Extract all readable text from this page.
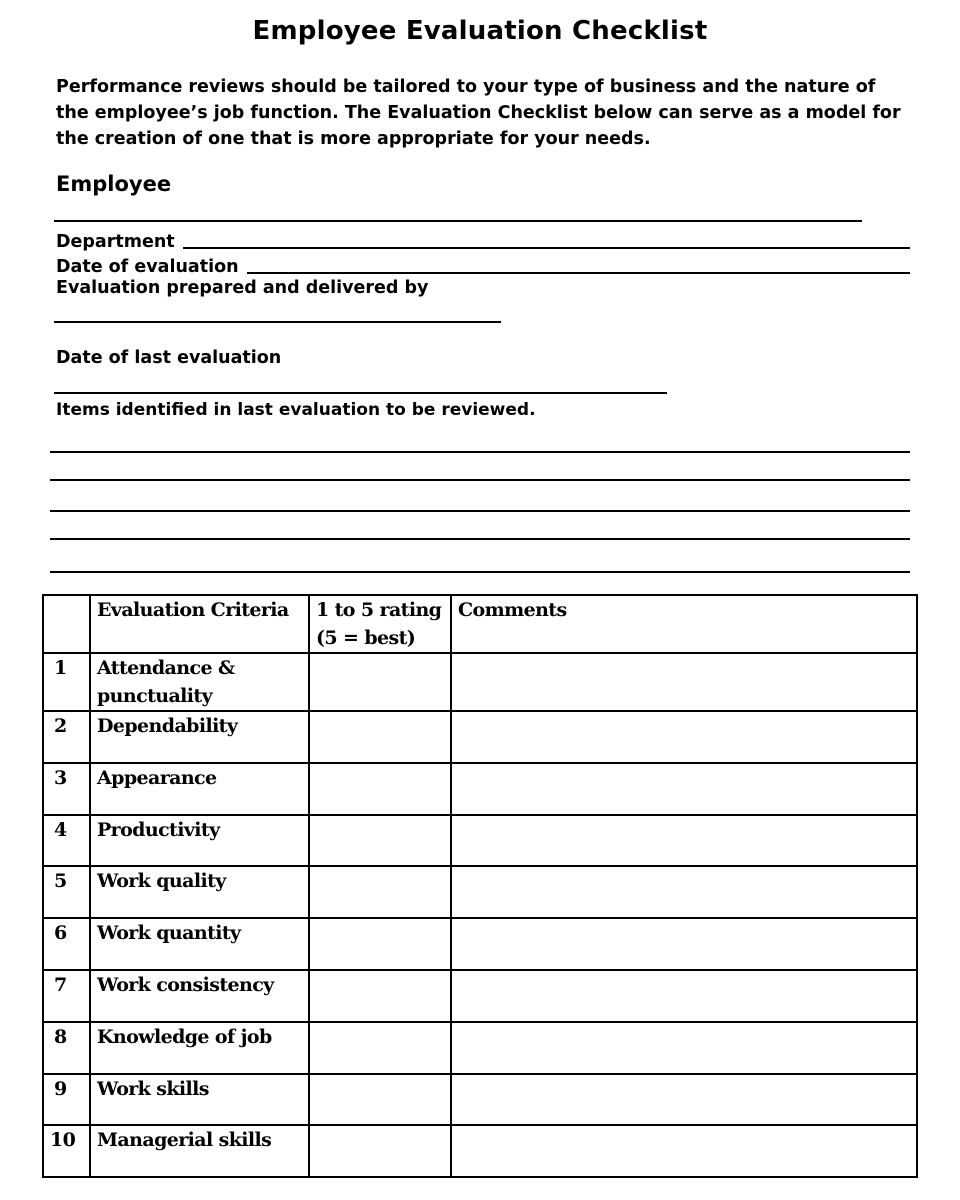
Employee Evaluation Checklist

Performance reviews should be tailored to your type of business and the nature of the employee’s job function. The Evaluation Checklist below can serve as a model for the creation of one that is more appropriate for your needs.

Employee
Department
Date of evaluation
Evaluation prepared and delivered by
Date of last evaluation
Items identified in last evaluation to be reviewed.
	Evaluation Criteria	1 to 5 rating (5 = best)	Comments
1	Attendance & punctuality		
2	Dependability		
3	Appearance		
4	Productivity		
5	Work quality		
6	Work quantity		
7	Work consistency		
8	Knowledge of job		
9	Work skills		
10	Managerial skills		
